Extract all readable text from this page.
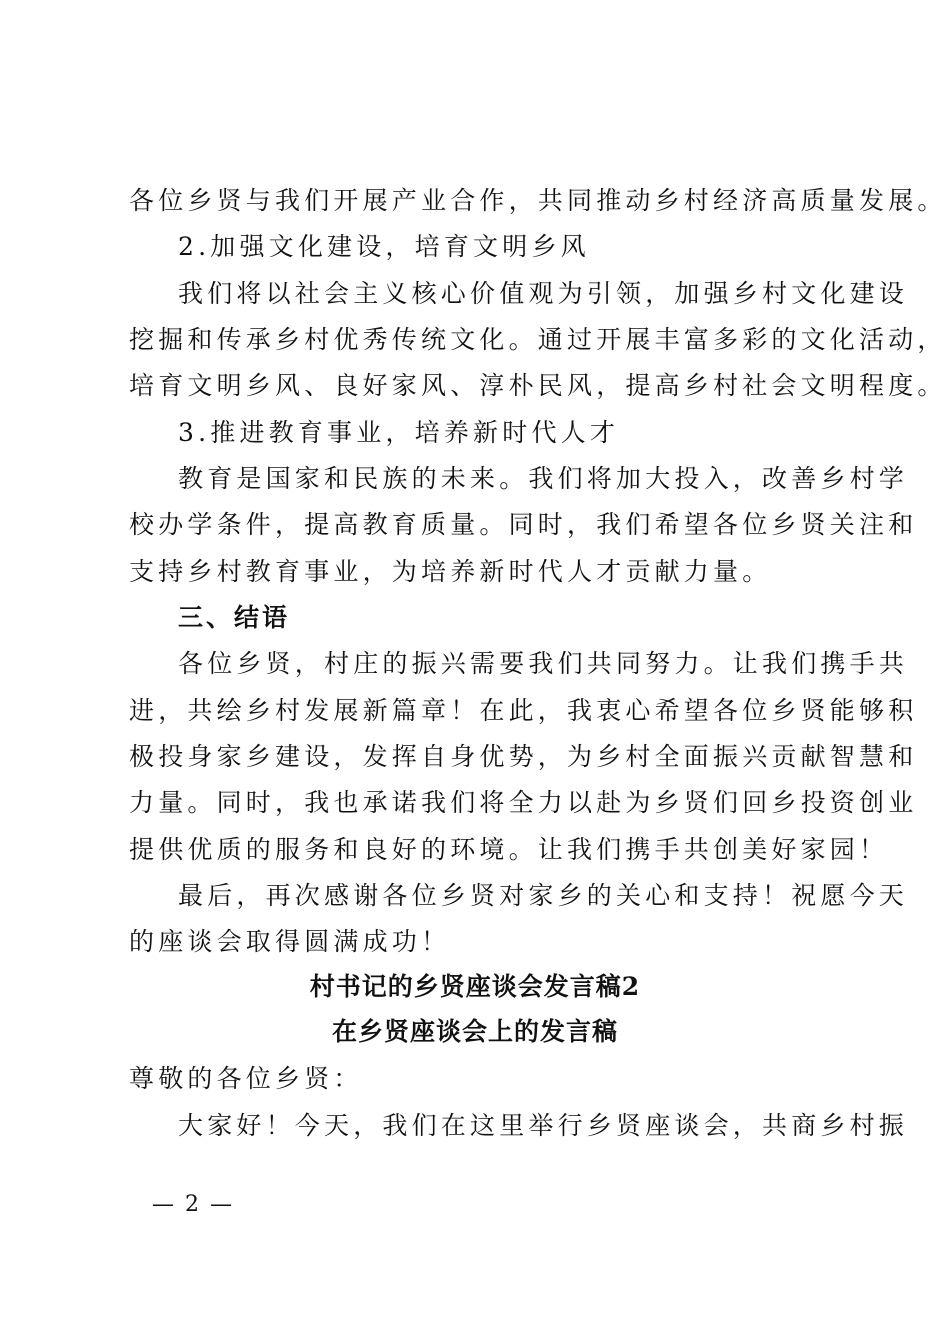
各位乡贤与我们开展产业合作，共同推动乡村经济高质量发展。
2.加强文化建设，培育文明乡风
我们将以社会主义核心价值观为引领，加强乡村文化建设
挖掘和传承乡村优秀传统文化。通过开展丰富多彩的文化活动，
培育文明乡风、良好家风、淳朴民风，提高乡村社会文明程度。
3.推进教育事业，培养新时代人才
教育是国家和民族的未来。我们将加大投入，改善乡村学
校办学条件，提高教育质量。同时，我们希望各位乡贤关注和
支持乡村教育事业，为培养新时代人才贡献力量。
三、结语
各位乡贤，村庄的振兴需要我们共同努力。让我们携手共
进，共绘乡村发展新篇章！在此，我衷心希望各位乡贤能够积
极投身家乡建设，发挥自身优势，为乡村全面振兴贡献智慧和
力量。同时，我也承诺我们将全力以赴为乡贤们回乡投资创业
提供优质的服务和良好的环境。让我们携手共创美好家园！
最后，再次感谢各位乡贤对家乡的关心和支持！祝愿今天
的座谈会取得圆满成功！
村书记的乡贤座谈会发言稿2
在乡贤座谈会上的发言稿
尊敬的各位乡贤：
大家好！今天，我们在这里举行乡贤座谈会，共商乡村振
— 2 —
